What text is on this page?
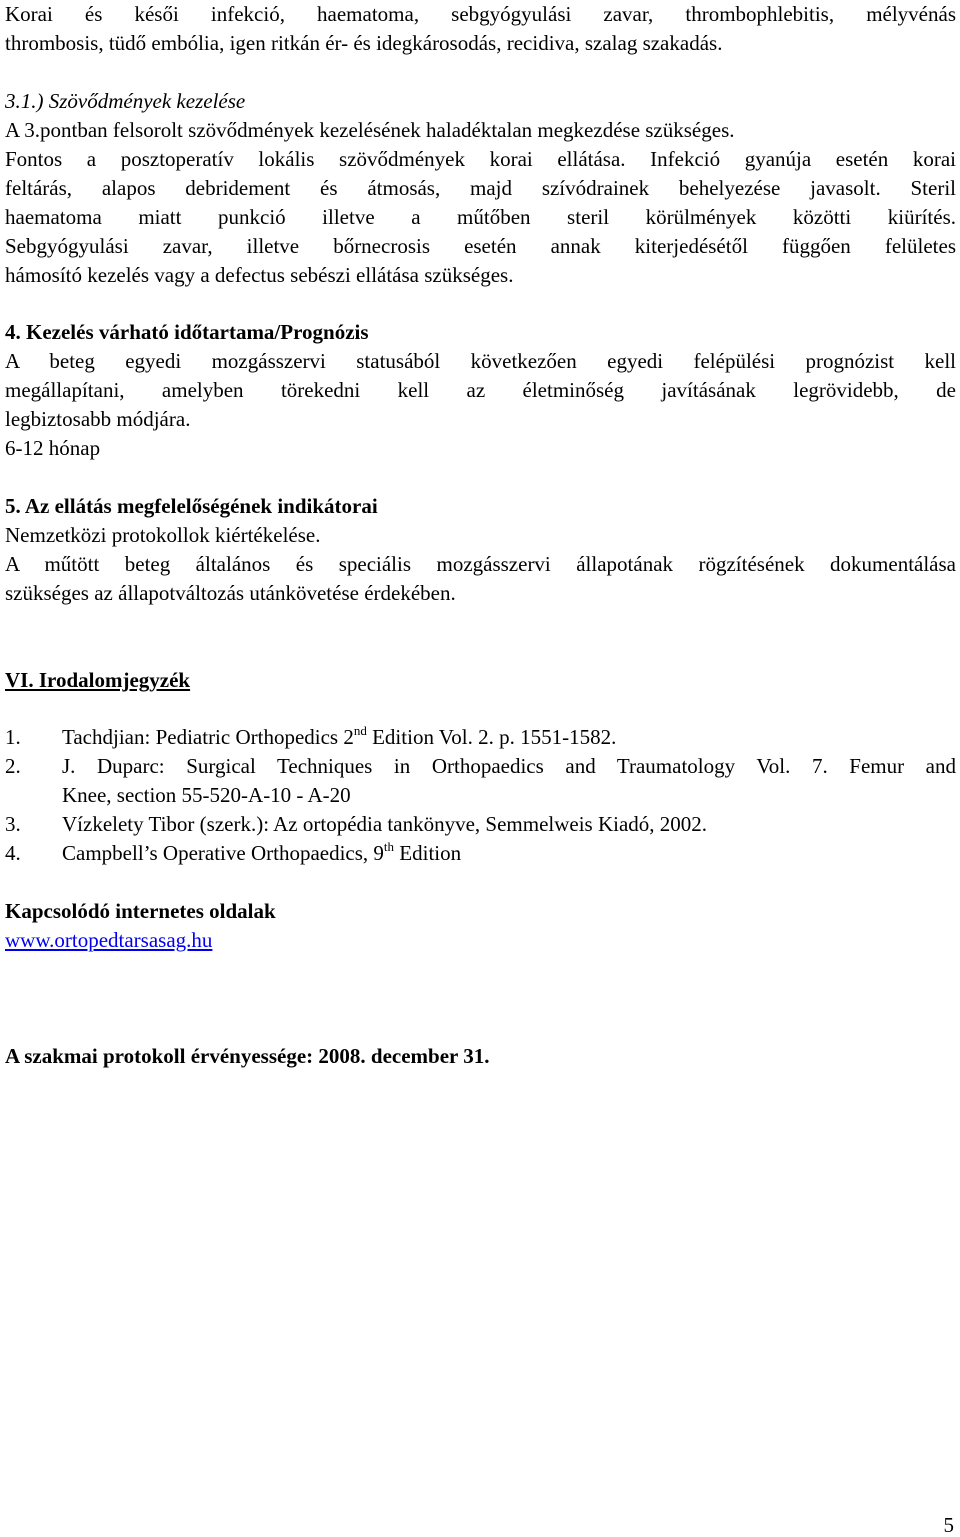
Korai és késői infekció, haematoma, sebgyógyulási zavar, thrombophlebitis, mélyvénás
thrombosis, tüdő embólia, igen ritkán ér- és idegkárosodás, recidiva, szalag szakadás.
3.1.) Szövődmények kezelése
A 3.pontban felsorolt szövődmények kezelésének haladéktalan megkezdése szükséges.
Fontos a posztoperatív lokális szövődmények korai ellátása. Infekció gyanúja esetén korai
feltárás, alapos debridement és átmosás, majd szívódrainek behelyezése javasolt. Steril
haematoma miatt punkció illetve a műtőben steril körülmények közötti kiürítés.
Sebgyógyulási zavar, illetve bőrnecrosis esetén annak kiterjedésétől függően felületes
hámosító kezelés vagy a defectus sebészi ellátása szükséges.
4. Kezelés várható időtartama/Prognózis
A beteg egyedi mozgásszervi statusából következően egyedi felépülési prognózist kell
megállapítani, amelyben törekedni kell az életminőség javításának legrövidebb, de
legbiztosabb módjára.
6-12 hónap
5. Az ellátás megfelelőségének indikátorai
Nemzetközi protokollok kiértékelése.
A műtött beteg általános és speciális mozgásszervi állapotának rögzítésének dokumentálása
szükséges az állapotváltozás utánkövetése érdekében.
VI. Irodalomjegyzék
1. Tachdjian: Pediatric Orthopedics 2nd Edition Vol. 2. p. 1551-1582.
2. J. Duparc: Surgical Techniques in Orthopaedics and Traumatology Vol. 7. Femur and
Knee, section 55-520-A-10 - A-20
3. Vízkelety Tibor (szerk.): Az ortopédia tankönyve, Semmelweis Kiadó, 2002.
4. Campbell’s Operative Orthopaedics, 9th Edition
Kapcsolódó internetes oldalak
www.ortopedtarsasag.hu
A szakmai protokoll érvényessége: 2008. december 31.
5
